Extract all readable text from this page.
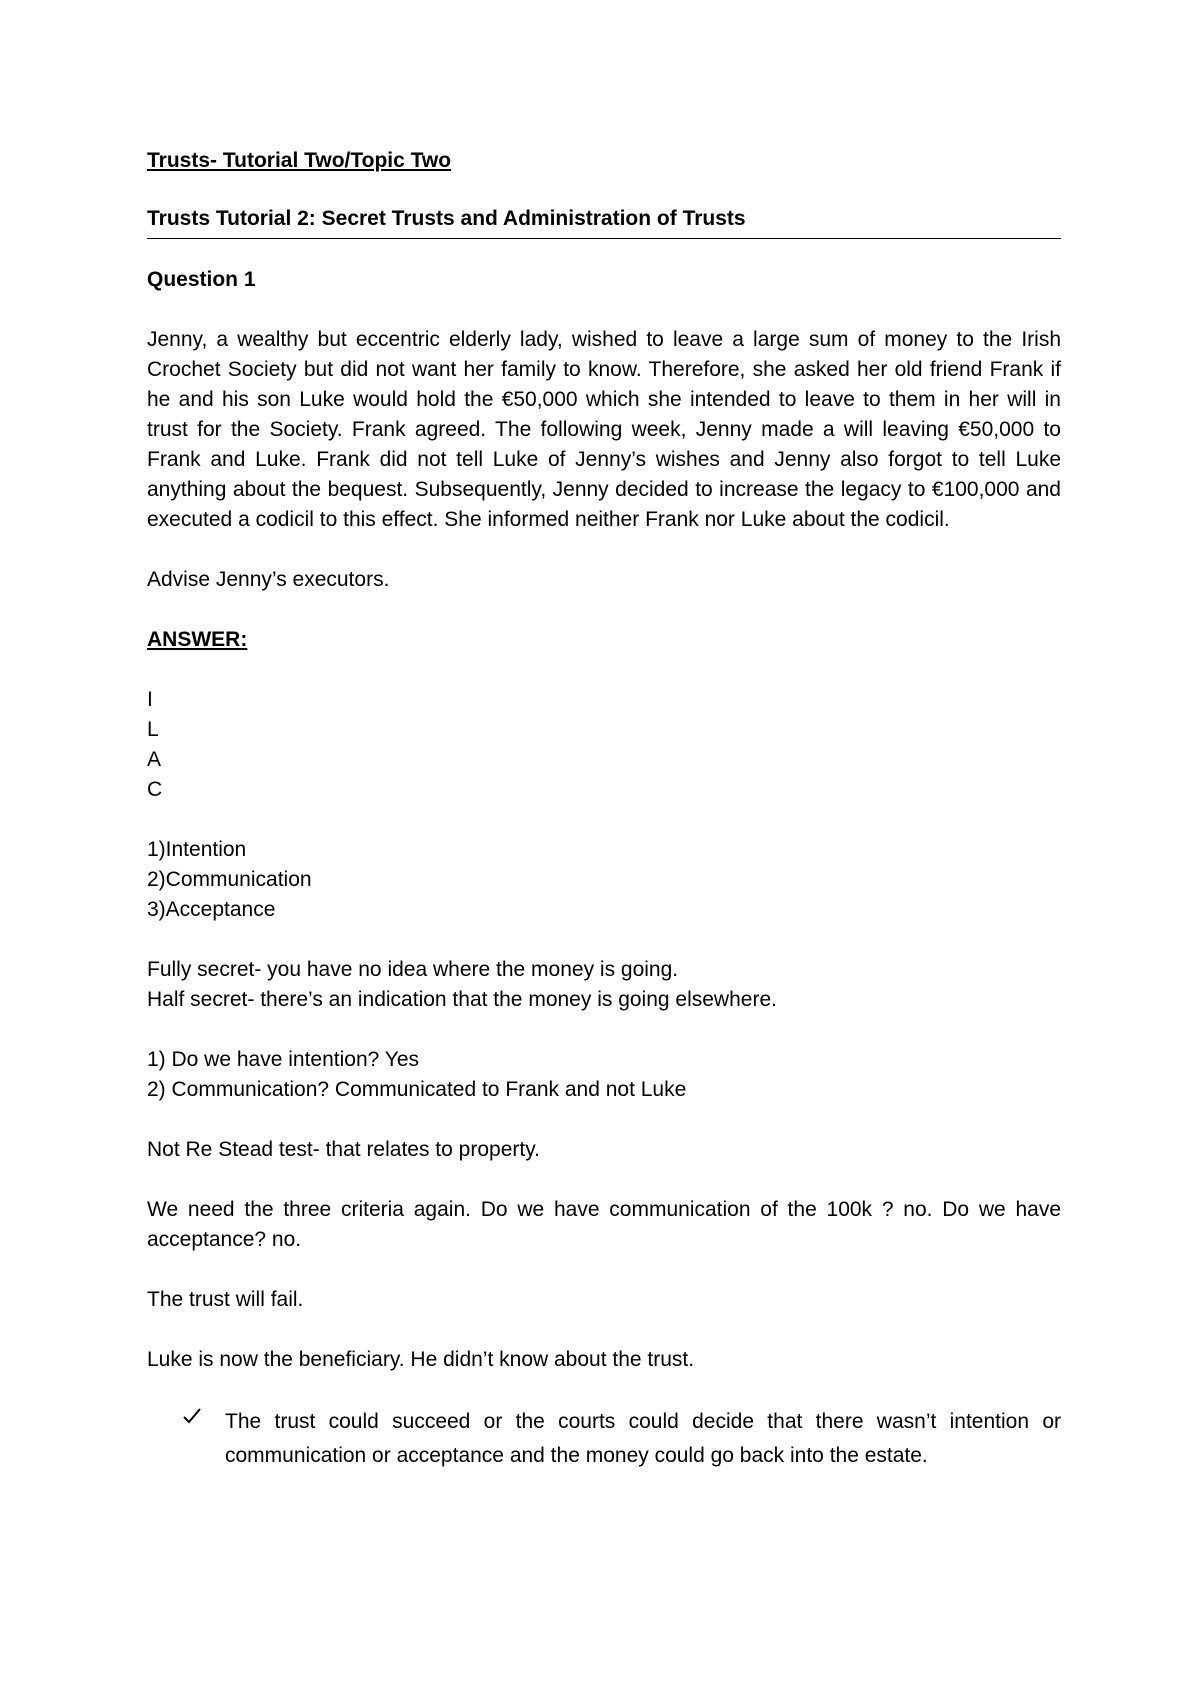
Trusts- Tutorial Two/Topic Two

Trusts Tutorial 2: Secret Trusts and Administration of Trusts

Question 1

Jenny, a wealthy but eccentric elderly lady, wished to leave a large sum of money to the Irish Crochet Society but did not want her family to know. Therefore, she asked her old friend Frank if he and his son Luke would hold the €50,000 which she intended to leave to them in her will in trust for the Society. Frank agreed. The following week, Jenny made a will leaving €50,000 to Frank and Luke. Frank did not tell Luke of Jenny’s wishes and Jenny also forgot to tell Luke anything about the bequest. Subsequently, Jenny decided to increase the legacy to €100,000 and executed a codicil to this effect. She informed neither Frank nor Luke about the codicil.

Advise Jenny’s executors.

ANSWER:

I

L

A

C

1)Intention

2)Communication

3)Acceptance

Fully secret- you have no idea where the money is going.

Half secret- there’s an indication that the money is going elsewhere.

1) Do we have intention? Yes

2) Communication? Communicated to Frank and not Luke

Not Re Stead test- that relates to property.

We need the three criteria again. Do we have communication of the 100k ? no. Do we have acceptance? no.

The trust will fail.

Luke is now the beneficiary. He didn’t know about the trust.

The trust could succeed or the courts could decide that there wasn’t intention or communication or acceptance and the money could go back into the estate.
